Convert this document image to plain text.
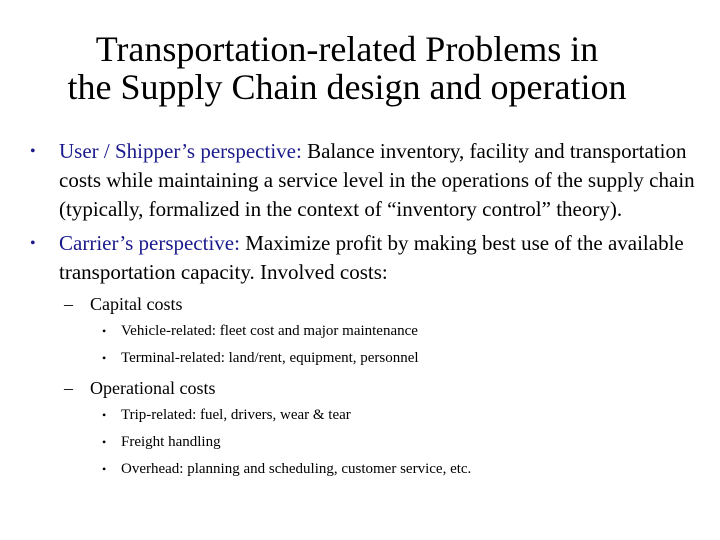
Transportation-related Problems in
the Supply Chain design and operation
• User / Shipper’s perspective: Balance inventory, facility and transportation costs while maintaining a service level in the operations of the supply chain (typically, formalized in the context of “inventory control” theory).
• Carrier’s perspective: Maximize profit by making best use of the available transportation capacity. Involved costs:
– Capital costs
• Vehicle-related: fleet cost and major maintenance
• Terminal-related: land/rent, equipment, personnel
– Operational costs
• Trip-related: fuel, drivers, wear & tear
• Freight handling
• Overhead: planning and scheduling, customer service, etc.
